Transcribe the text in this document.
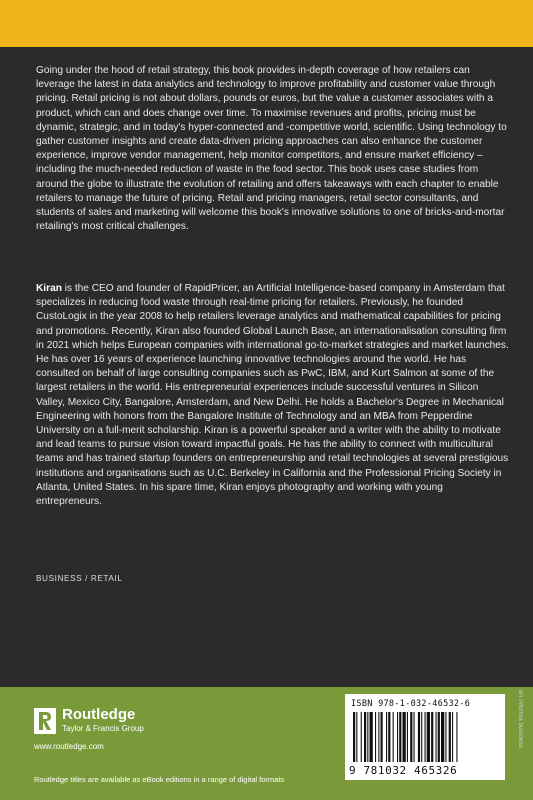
Going under the hood of retail strategy, this book provides in-depth coverage of how retailers can leverage the latest in data analytics and technology to improve profitability and customer value through pricing. Retail pricing is not about dollars, pounds or euros, but the value a customer associates with a product, which can and does change over time. To maximise revenues and profits, pricing must be dynamic, strategic, and in today's hyper-connected and -competitive world, scientific. Using technology to gather customer insights and create data-driven pricing approaches can also enhance the customer experience, improve vendor management, help monitor competitors, and ensure market efficiency – including the much-needed reduction of waste in the food sector. This book uses case studies from around the globe to illustrate the evolution of retailing and offers takeaways with each chapter to enable retailers to manage the future of pricing. Retail and pricing managers, retail sector consultants, and students of sales and marketing will welcome this book's innovative solutions to one of bricks-and-mortar retailing's most critical challenges.

Kiran is the CEO and founder of RapidPricer, an Artificial Intelligence-based company in Amsterdam that specializes in reducing food waste through real-time pricing for retailers. Previously, he founded CustoLogix in the year 2008 to help retailers leverage analytics and mathematical capabilities for pricing and promotions. Recently, Kiran also founded Global Launch Base, an internationalisation consulting firm in 2021 which helps European companies with international go-to-market strategies and market launches. He has over 16 years of experience launching innovative technologies around the world. He has consulted on behalf of large consulting companies such as PwC, IBM, and Kurt Salmon at some of the largest retailers in the world. His entrepreneurial experiences include successful ventures in Silicon Valley, Mexico City, Bangalore, Amsterdam, and New Delhi. He holds a Bachelor's Degree in Mechanical Engineering with honors from the Bangalore Institute of Technology and an MBA from Pepperdine University on a full-merit scholarship. Kiran is a powerful speaker and a writer with the ability to motivate and lead teams to pursue vision toward impactful goals. He has the ability to connect with multicultural teams and has trained startup founders on entrepreneurship and retail technologies at several prestigious institutions and organisations such as U.C. Berkeley in California and the Professional Pricing Society in Atlanta, United States. In his spare time, Kiran enjoys photography and working with young entrepreneurs.

BUSINESS / RETAIL
Routledge
Taylor & Francis Group
www.routledge.com
Routledge titles are available as eBook editions in a range of digital formats
ISBN 978-1-032-46532-6
9 781032 465326
an informa business
